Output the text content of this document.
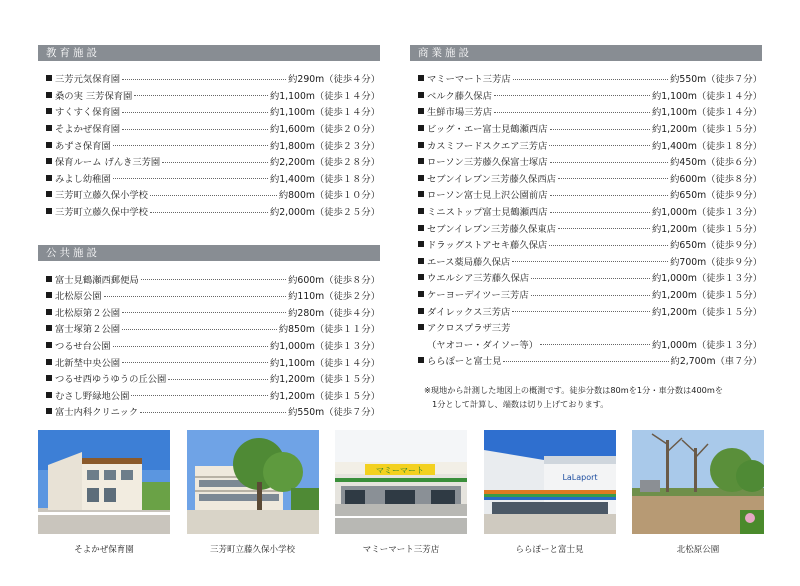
教育施設
三芳元気保育園	約290m（徒歩４分）
桑の実 三芳保育園	約1,100m（徒歩１４分）
すくすく保育園	約1,100m（徒歩１４分）
そよかぜ保育園	約1,600m（徒歩２０分）
あずさ保育園	約1,800m（徒歩２３分）
保育ルーム げんき三芳園	約2,200m（徒歩２８分）
みよし幼稚園	約1,400m（徒歩１８分）
三芳町立藤久保小学校	約800m（徒歩１０分）
三芳町立藤久保中学校	約2,000m（徒歩２５分）
公共施設
富士見鶴瀬西郵便局	約600m（徒歩８分）
北松原公園	約110m（徒歩２分）
北松原第２公園	約280m（徒歩４分）
富士塚第２公園	約850m（徒歩１１分）
つるせ台公園	約1,000m（徒歩１３分）
北新埜中央公園	約1,100m（徒歩１４分）
つるせ西ゆうゆうの丘公園	約1,200m（徒歩１５分）
むさし野緑地公園	約1,200m（徒歩１５分）
富士内科クリニック	約550m（徒歩７分）
商業施設
マミーマート三芳店	約550m（徒歩７分）
ベルク藤久保店	約1,100m（徒歩１４分）
生鮮市場三芳店	約1,100m（徒歩１４分）
ビッグ・エー富士見鶴瀬西店	約1,200m（徒歩１５分）
カスミフードスクエア三芳店	約1,400m（徒歩１８分）
ローソン三芳藤久保富士塚店	約450m（徒歩６分）
セブンイレブン三芳藤久保西店	約600m（徒歩８分）
ローソン富士見上沢公園前店	約650m（徒歩９分）
ミニストップ富士見鶴瀬西店	約1,000m（徒歩１３分）
セブンイレブン三芳藤久保東店	約1,200m（徒歩１５分）
ドラッグストアセキ藤久保店	約650m（徒歩９分）
エース薬局藤久保店	約700m（徒歩９分）
ウエルシア三芳藤久保店	約1,000m（徒歩１３分）
ケーヨーデイツー三芳店	約1,200m（徒歩１５分）
ダイレックス三芳店	約1,200m（徒歩１５分）
アクロスプラザ三芳
（ヤオコー・ダイソー等）	約1,000m（徒歩１３分）
ららぽーと富士見	約2,700m（車７分）
※現地から計測した地図上の概測です。徒歩分数は80mを1分・車分数は400mを
1分として計算し、端数は切り上げております。
そよかぜ保育園	三芳町立藤久保小学校
マミーマート
マミーマート三芳店
LaLaport
ららぽーと富士見	北松原公園
